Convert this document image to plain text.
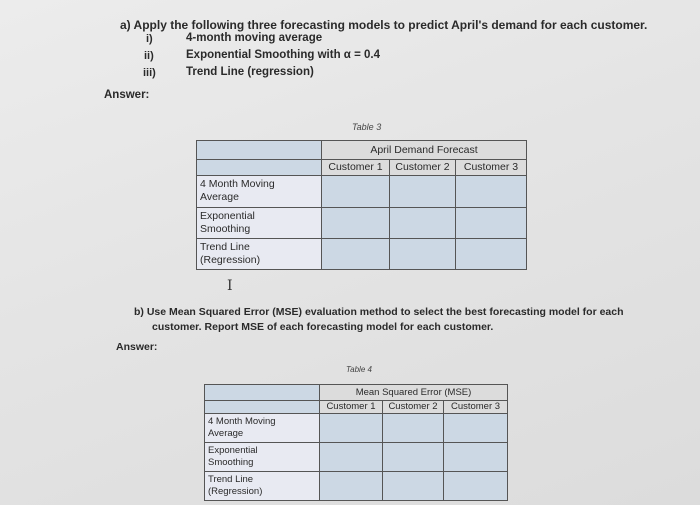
a) Apply the following three forecasting models to predict April's demand for each customer.
i)	4-month moving average
ii)	Exponential Smoothing with α = 0.4
iii)	Trend Line (regression)
Answer:
Table 3

	April Demand Forecast		

	Customer 1	Customer 2	Customer 3

4 Month Moving Average			

Exponential Smoothing			

Trend Line (Regression)			

I
b) Use Mean Squared Error (MSE) evaluation method to select the best forecasting model for each
customer. Report MSE of each forecasting model for each customer.
Answer:
Table 4

	Mean Squared Error (MSE)		

	Customer 1	Customer 2	Customer 3

4 Month Moving Average			

Exponential Smoothing			

Trend Line (Regression)			
